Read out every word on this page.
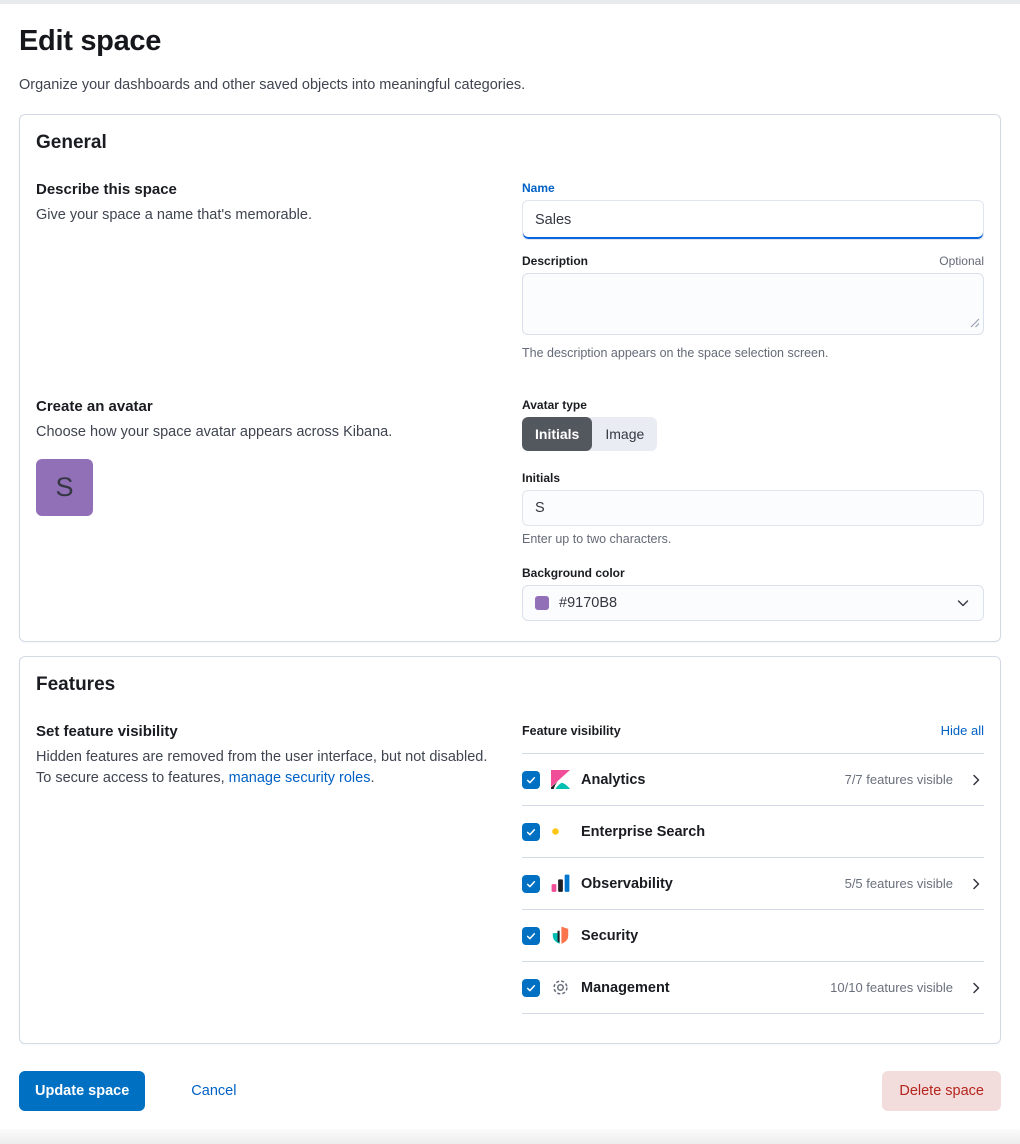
Edit space
Organize your dashboards and other saved objects into meaningful categories.
General
Describe this space
Give your space a name that's memorable.
Name
Sales
Description	Optional
The description appears on the space selection screen.
Create an avatar
Choose how your space avatar appears across Kibana.
S
Avatar type
Initials	Image
Initials
S
Enter up to two characters.
Background color
#9170B8
Features
Set feature visibility
Hidden features are removed from the user interface, but not disabled. To secure access to features, manage security roles.
Feature visibility	Hide all
Analytics	7/7 features visible
Enterprise Search
Observability	5/5 features visible
Security
Management	10/10 features visible
Update space	Cancel	Delete space
